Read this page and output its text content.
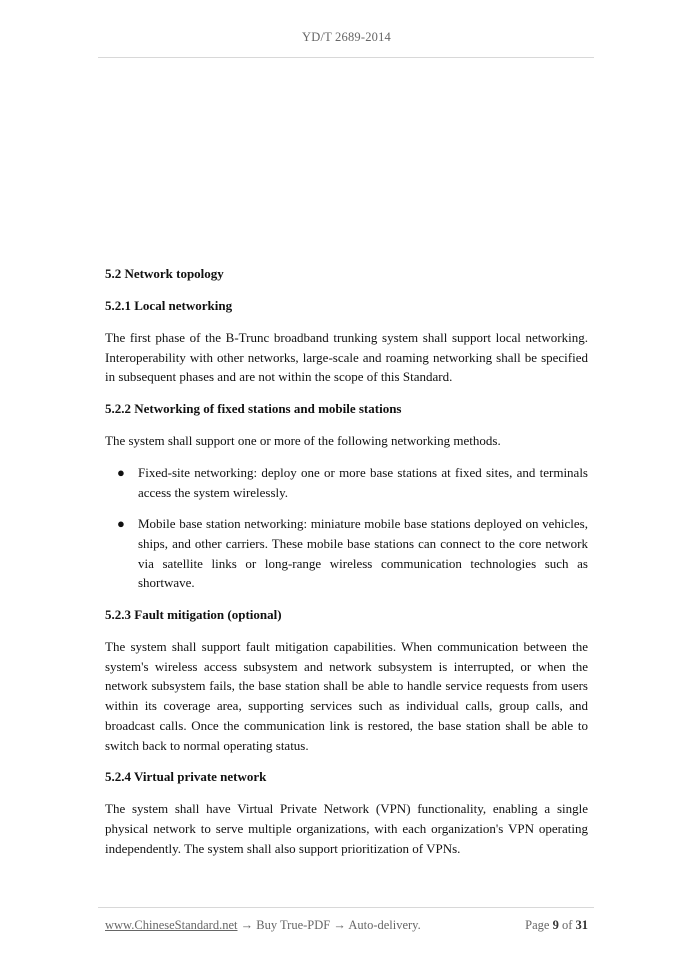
YD/T 2689-2014
5.2 Network topology
5.2.1 Local networking
The first phase of the B-Trunc broadband trunking system shall support local networking. Interoperability with other networks, large-scale and roaming networking shall be specified in subsequent phases and are not within the scope of this Standard.
5.2.2 Networking of fixed stations and mobile stations
The system shall support one or more of the following networking methods.
● Fixed-site networking: deploy one or more base stations at fixed sites, and terminals access the system wirelessly.
● Mobile base station networking: miniature mobile base stations deployed on vehicles, ships, and other carriers. These mobile base stations can connect to the core network via satellite links or long-range wireless communication technologies such as shortwave.
5.2.3 Fault mitigation (optional)
The system shall support fault mitigation capabilities. When communication between the system's wireless access subsystem and network subsystem is interrupted, or when the network subsystem fails, the base station shall be able to handle service requests from users within its coverage area, supporting services such as individual calls, group calls, and broadcast calls. Once the communication link is restored, the base station shall be able to switch back to normal operating status.
5.2.4 Virtual private network
The system shall have Virtual Private Network (VPN) functionality, enabling a single physical network to serve multiple organizations, with each organization's VPN operating independently. The system shall also support prioritization of VPNs.
www.ChineseStandard.net → Buy True-PDF → Auto-delivery.	Page 9 of 31
